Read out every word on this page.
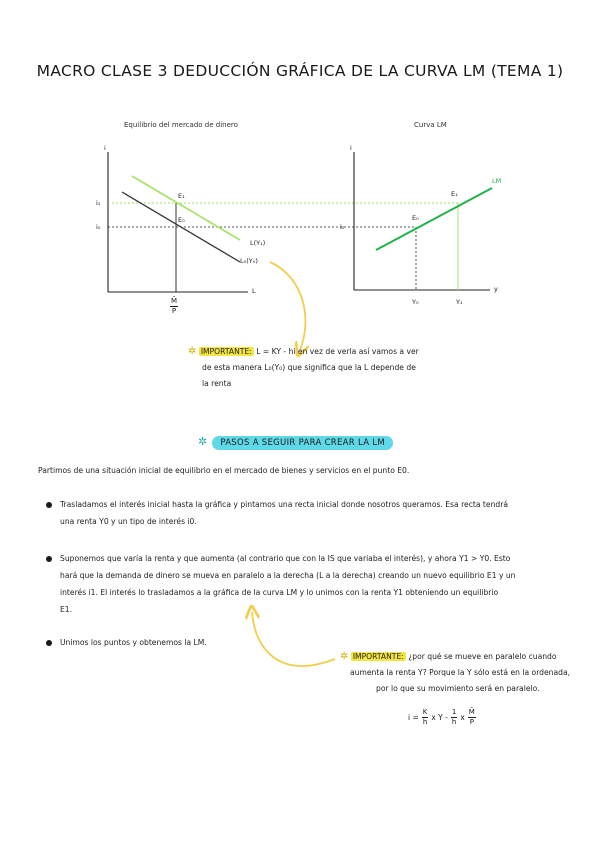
MACRO CLASE 3 DEDUCCIÓN GRÁFICA DE LA CURVA LM (TEMA 1)
Equilibrio del mercado de dinero	Curva LM
i
L
i₁
i₀
E₁
E₀
L(Y₁)
L₀(Y₀)
$\frac{M̄}{P̄}$
i
y
i₀
E₁
E₀
LM
Y₀	Y₁
✲ IMPORTANTE: L = KY - hi en vez de verla así vamos a ver
de esta manera L₀(Y₀) que significa que la L depende de
la renta
✲ PASOS A SEGUIR PARA CREAR LA LM
Partimos de una situación inicial de equilibrio en el mercado de bienes y servicios en el punto E0.
Trasladamos el interés inicial hasta la gráfica y pintamos una recta inicial donde nosotros queramos. Esa recta tendrá
una renta Y0 y un tipo de interés i0.
Suponemos que varía la renta y que aumenta (al contrario que con la IS que variaba el interés), y ahora Y1 > Y0. Esto
hará que la demanda de dinero se mueva en paralelo a la derecha (L a la derecha) creando un nuevo equilibrio E1 y un
interés i1. El interés lo trasladamos a la gráfica de la curva LM y lo unimos con la renta Y1 obteniendo un equilibrio
E1.
Unimos los puntos y obtenemos la LM.
✲ IMPORTANTE: ¿por qué se mueve en paralelo cuando
aumenta la renta Y? Porque la Y sólo está en la ordenada,
por lo que su movimiento será en paralelo.
$i = \frac{K}{h}$ x Y - $\frac{1}{h}$ x $\frac{M̄}{P̄}$
